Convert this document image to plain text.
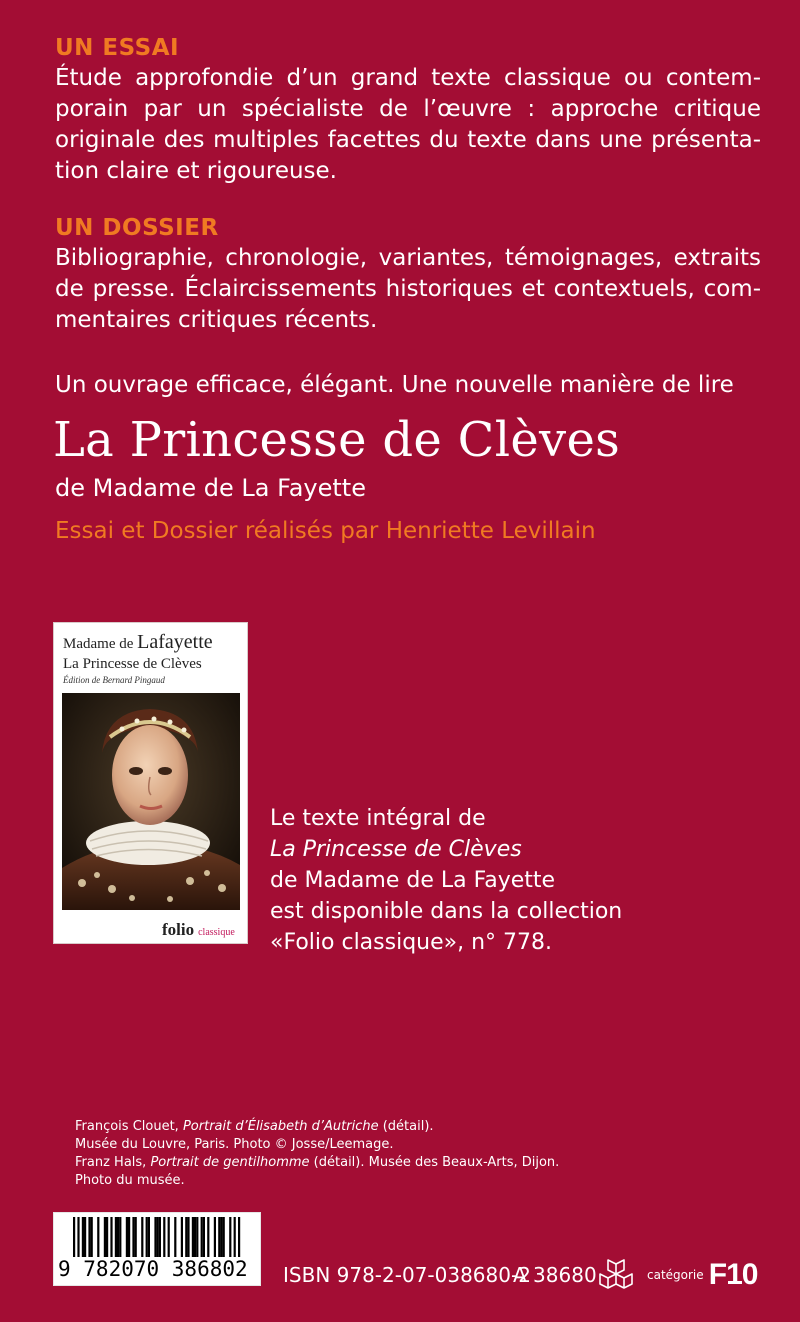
UN ESSAI
Étude approfondie d’un grand texte classique ou contem-
porain par un spécialiste de l’œuvre : approche critique
originale des multiples facettes du texte dans une présenta-
tion claire et rigoureuse.
UN DOSSIER
Bibliographie, chronologie, variantes, témoignages, extraits
de presse. Éclaircissements historiques et contextuels, com-
mentaires critiques récents.
Un ouvrage efficace, élégant. Une nouvelle manière de lire
La Princesse de Clèves
de Madame de La Fayette
Essai et Dossier réalisés par Henriette Levillain
Madame de Lafayette
La Princesse de Clèves
Édition de Bernard Pingaud
folio classique
Le texte intégral de
La Princesse de Clèves
de Madame de La Fayette
est disponible dans la collection
«Folio classique», n° 778.
François Clouet, Portrait d’Élisabeth d’Autriche (détail).
Musée du Louvre, Paris. Photo © Josse/Leemage.
Franz Hals, Portrait de gentilhomme (détail). Musée des Beaux-Arts, Dijon.
Photo du musée.
9 782070 386802 ISBN 978-2-07-038680-2
A 38680	catégorie F10
